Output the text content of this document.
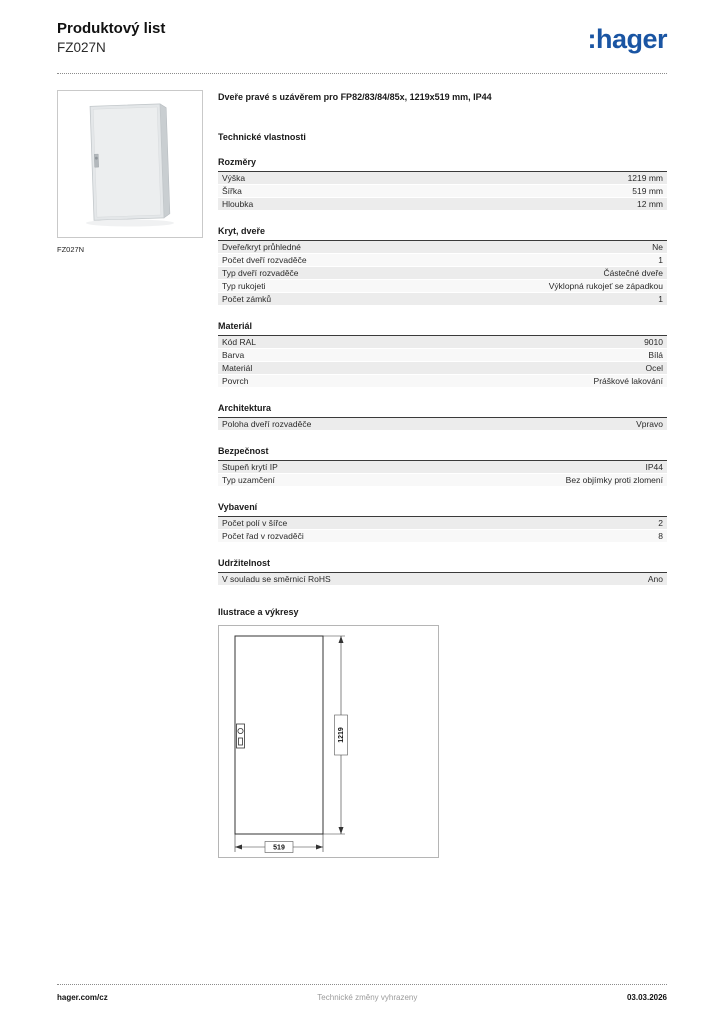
Produktový list
FZ027N	:hager
FZ027N
Dveře pravé s uzávěrem pro FP82/83/84/85x, 1219x519 mm, IP44
Technické vlastnosti
Rozměry
Výška	1219 mm
Šířka	519 mm
Hloubka	12 mm
Kryt, dveře
Dveře/kryt průhledné	Ne
Počet dveří rozvaděče	1
Typ dveří rozvaděče	Částečné dveře
Typ rukojeti	Výklopná rukojeť se západkou
Počet zámků	1
Materiál
Kód RAL	9010
Barva	Bílá
Materiál	Ocel
Povrch	Práškové lakování
Architektura
Poloha dveří rozvaděče	Vpravo
Bezpečnost
Stupeň krytí IP	IP44
Typ uzamčení	Bez objímky proti zlomení
Vybavení
Počet polí v šířce	2
Počet řad v rozvaděči	8
Udržitelnost
V souladu se směrnicí RoHS	Ano
Ilustrace a výkresy
1219
519
hager.com/cz	Technické změny vyhrazeny	03.03.2026
